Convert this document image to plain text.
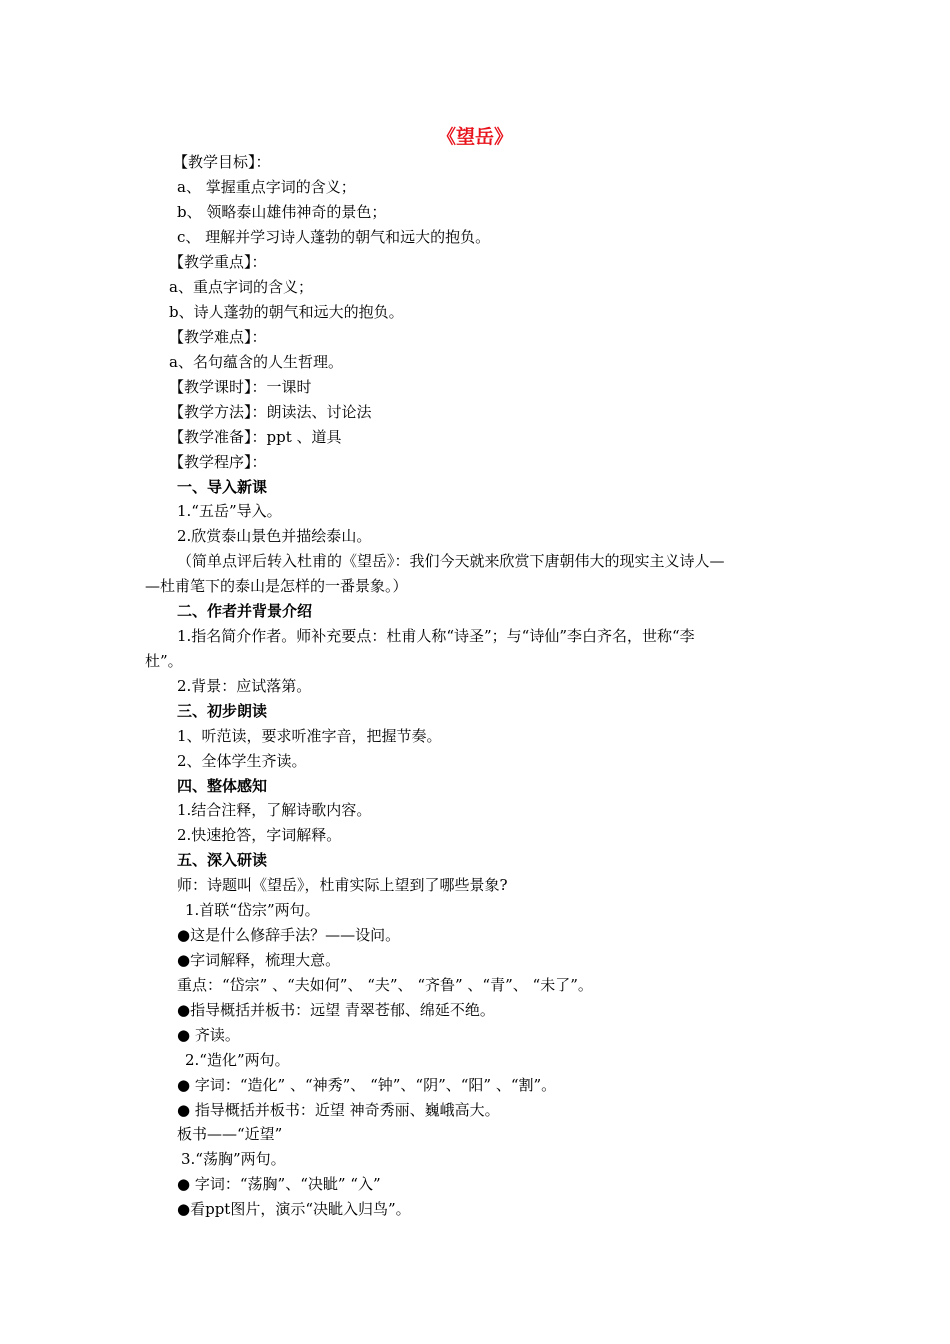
《望岳》
【教学目标】：
a、 掌握重点字词的含义；
b、 领略泰山雄伟神奇的景色；
c、 理解并学习诗人蓬勃的朝气和远大的抱负。
【教学重点】：
a、重点字词的含义；
b、诗人蓬勃的朝气和远大的抱负。
【教学难点】：
a、名句蕴含的人生哲理。
【教学课时】：一课时
【教学方法】：朗读法、讨论法
【教学准备】：ppt 、道具
【教学程序】：
一、导入新课
1.“五岳”导入。
2.欣赏泰山景色并描绘泰山。
（简单点评后转入杜甫的《望岳》：我们今天就来欣赏下唐朝伟大的现实主义诗人—
—杜甫笔下的泰山是怎样的一番景象。）
二、作者并背景介绍
1.指名简介作者。师补充要点：杜甫人称“诗圣”；与“诗仙”李白齐名，世称“李
杜”。
2.背景：应试落第。
三、初步朗读
1、听范读，要求听准字音，把握节奏。
2、全体学生齐读。
四、整体感知
1.结合注释，了解诗歌内容。
2.快速抢答，字词解释。
五、深入研读
师：诗题叫《望岳》，杜甫实际上望到了哪些景象?
1.首联“岱宗”两句。
●这是什么修辞手法？——设问。
●字词解释，梳理大意。
重点：“岱宗” 、“夫如何”、 “夫”、 “齐鲁” 、“青”、 “未了”。
●指导概括并板书：远望 青翠苍郁、绵延不绝。
● 齐读。
2.“造化”两句。
● 字词：“造化” 、“神秀”、 “钟”、“阴”、“阳” 、“割”。
● 指导概括并板书：近望 神奇秀丽、巍峨高大。
板书——“近望”
3.“荡胸”两句。
● 字词：“荡胸”、“决眦” “入”
●看ppt图片，演示“决眦入归鸟”。
